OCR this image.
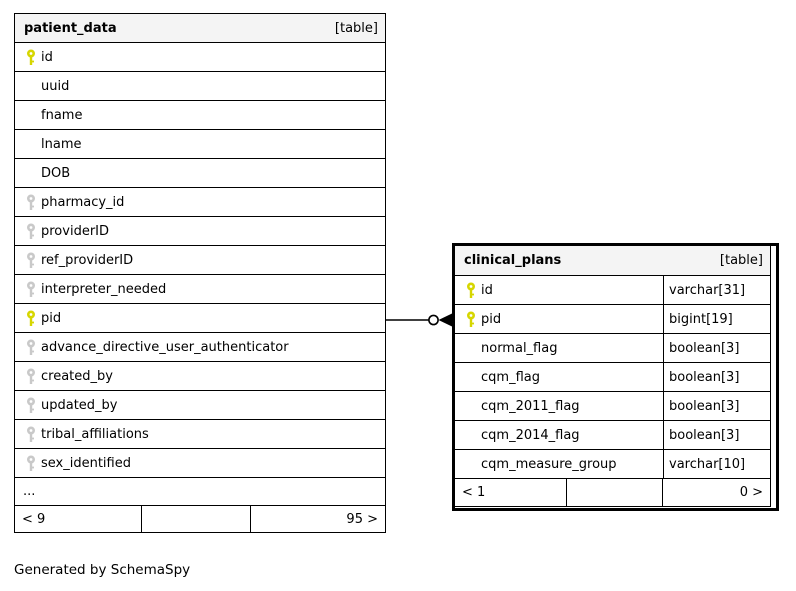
patient_data	[table]
id
uuid
fname
lname
DOB
pharmacy_id
providerID
ref_providerID
interpreter_needed
pid
advance_directive_user_authenticator
created_by
updated_by
tribal_affiliations
sex_identified
...
< 9	95 >
clinical_plans	[table]
id	varchar[31]
pid	bigint[19]
normal_flag	boolean[3]
cqm_flag	boolean[3]
cqm_2011_flag	boolean[3]
cqm_2014_flag	boolean[3]
cqm_measure_group	varchar[10]
< 1	0 >
Generated by SchemaSpy
